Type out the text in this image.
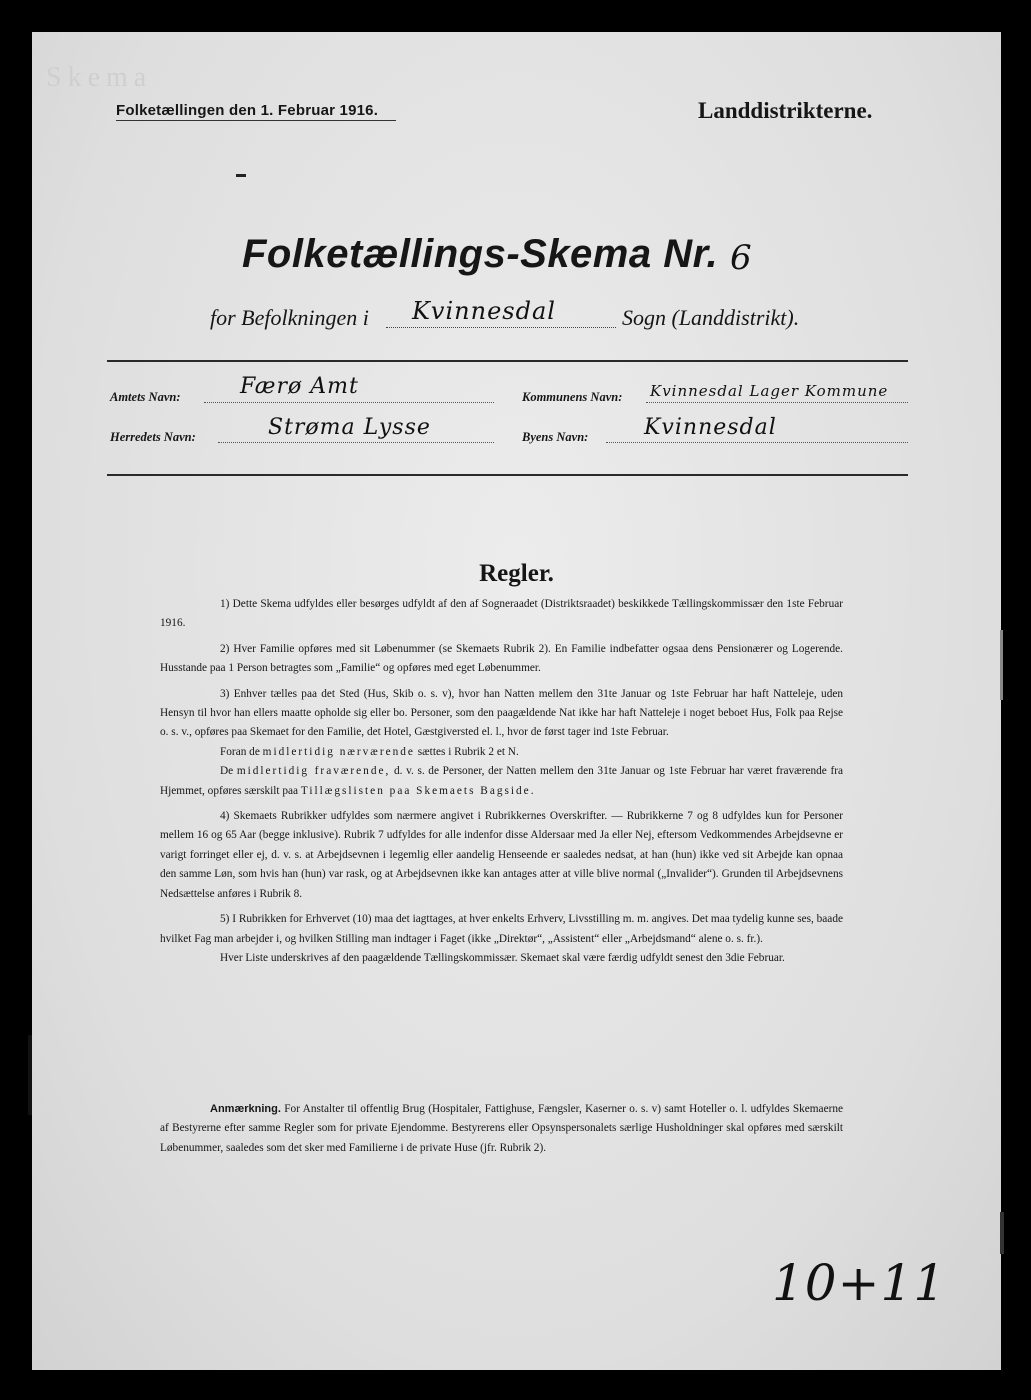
Skema
Folketællingen den 1. Februar 1916.	Landdistrikterne.
Folketællings-Skema Nr. 6
for Befolkningen i Kvinnesdal	Sogn (Landdistrikt).
Amtets Navn:	Færø Amt	Kommunens Navn: Kvinnesdal Lager Kommune
Herredets Navn:	Strøma Lysse	Byens Navn:	Kvinnesdal
Regler.

1) Dette Skema udfyldes eller besørges udfyldt af den af Sogneraadet (Distriktsraadet) beskikkede Tællingskommissær den 1ste Februar 1916.

2) Hver Familie opføres med sit Løbenummer (se Skemaets Rubrik 2). En Familie indbefatter ogsaa dens Pensionærer og Logerende. Husstande paa 1 Person betragtes som „Familie“ og opføres med eget Løbenummer.

3) Enhver tælles paa det Sted (Hus, Skib o. s. v), hvor han Natten mellem den 31te Januar og 1ste Februar har haft Natteleje, uden Hensyn til hvor han ellers maatte opholde sig eller bo. Personer, som den paagældende Nat ikke har haft Natteleje i noget beboet Hus, Folk paa Rejse o. s. v., opføres paa Skemaet for den Familie, det Hotel, Gæstgiversted el. l., hvor de først tager ind 1ste Februar.

Foran de midlertidig nærværende sættes i Rubrik 2 et N.

De midlertidig fraværende, d. v. s. de Personer, der Natten mellem den 31te Januar og 1ste Februar har været fraværende fra Hjemmet, opføres særskilt paa Tillægslisten paa Skemaets Bagside.

4) Skemaets Rubrikker udfyldes som nærmere angivet i Rubrikkernes Overskrifter. — Rubrikkerne 7 og 8 udfyldes kun for Personer mellem 16 og 65 Aar (begge inklusive). Rubrik 7 udfyldes for alle indenfor disse Aldersaar med Ja eller Nej, eftersom Vedkommendes Arbejdsevne er varigt forringet eller ej, d. v. s. at Arbejdsevnen i legemlig eller aandelig Henseende er saaledes nedsat, at han (hun) ikke ved sit Arbejde kan opnaa den samme Løn, som hvis han (hun) var rask, og at Arbejdsevnen ikke kan antages atter at ville blive normal („Invalider“). Grunden til Arbejdsevnens Nedsættelse anføres i Rubrik 8.

5) I Rubrikken for Erhvervet (10) maa det iagttages, at hver enkelts Erhverv, Livsstilling m. m. angives. Det maa tydelig kunne ses, baade hvilket Fag man arbejder i, og hvilken Stilling man indtager i Faget (ikke „Direktør“, „Assistent“ eller „Arbejdsmand“ alene o. s. fr.).

Hver Liste underskrives af den paagældende Tællingskommissær. Skemaet skal være færdig udfyldt senest den 3die Februar.

Anmærkning. For Anstalter til offentlig Brug (Hospitaler, Fattighuse, Fængsler, Kaserner o. s. v) samt Hoteller o. l. udfyldes Skemaerne af Bestyrerne efter samme Regler som for private Ejendomme. Bestyrerens eller Opsynspersonalets særlige Husholdninger skal opføres med særskilt Løbenummer, saaledes som det sker med Familierne i de private Huse (jfr. Rubrik 2).

10+11
